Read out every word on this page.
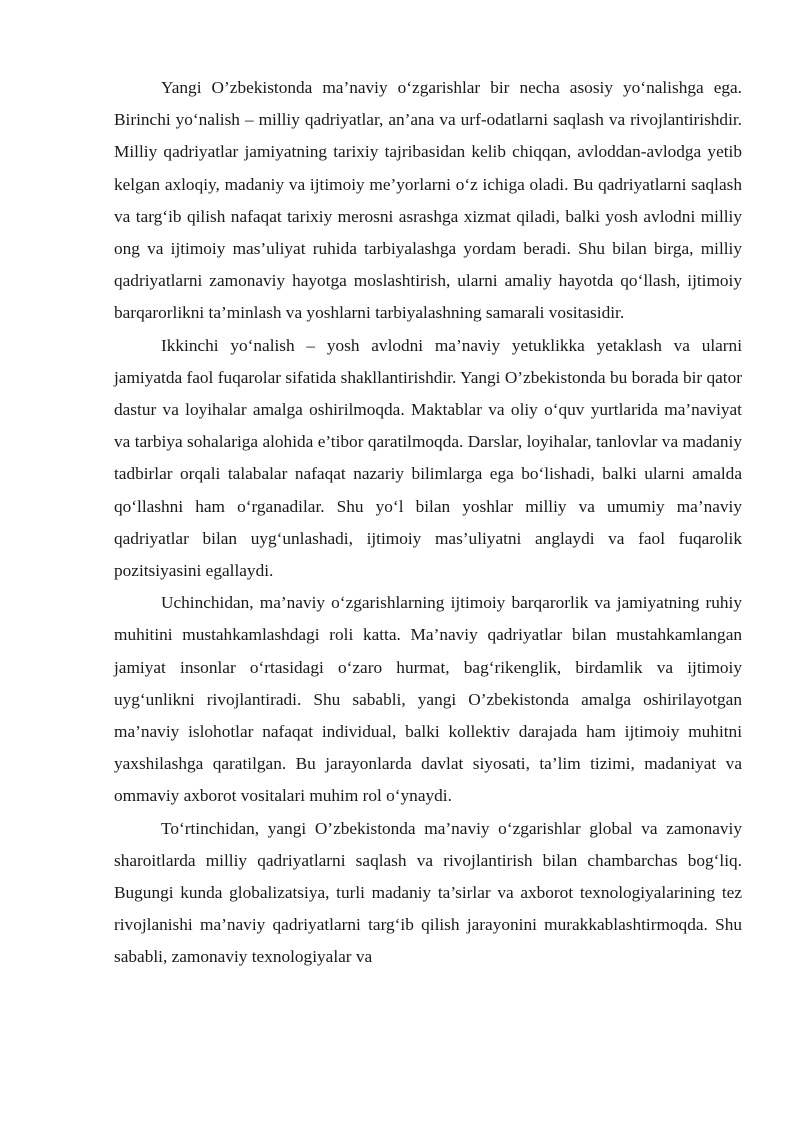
Yangi O’zbekistonda ma’naviy o‘zgarishlar bir necha asosiy yo‘nalishga ega. Birinchi yo‘nalish – milliy qadriyatlar, an’ana va urf-odatlarni saqlash va rivojlantirishdir. Milliy qadriyatlar jamiyatning tarixiy tajribasidan kelib chiqqan, avloddan-avlodga yetib kelgan axloqiy, madaniy va ijtimoiy me’yorlarni o‘z ichiga oladi. Bu qadriyatlarni saqlash va targ‘ib qilish nafaqat tarixiy merosni asrashga xizmat qiladi, balki yosh avlodni milliy ong va ijtimoiy mas’uliyat ruhida tarbiyalashga yordam beradi. Shu bilan birga, milliy qadriyatlarni zamonaviy hayotga moslashtirish, ularni amaliy hayotda qo‘llash, ijtimoiy barqarorlikni ta’minlash va yoshlarni tarbiyalashning samarali vositasidir.

Ikkinchi yo‘nalish – yosh avlodni ma’naviy yetuklikka yetaklash va ularni jamiyatda faol fuqarolar sifatida shakllantirishdir. Yangi O’zbekistonda bu borada bir qator dastur va loyihalar amalga oshirilmoqda. Maktablar va oliy o‘quv yurtlarida ma’naviyat va tarbiya sohalariga alohida e’tibor qaratilmoqda. Darslar, loyihalar, tanlovlar va madaniy tadbirlar orqali talabalar nafaqat nazariy bilimlarga ega bo‘lishadi, balki ularni amalda qo‘llashni ham o‘rganadilar. Shu yo‘l bilan yoshlar milliy va umumiy ma’naviy qadriyatlar bilan uyg‘unlashadi, ijtimoiy mas’uliyatni anglaydi va faol fuqarolik pozitsiyasini egallaydi.

Uchinchidan, ma’naviy o‘zgarishlarning ijtimoiy barqarorlik va jamiyatning ruhiy muhitini mustahkamlashdagi roli katta. Ma’naviy qadriyatlar bilan mustahkamlangan jamiyat insonlar o‘rtasidagi o‘zaro hurmat, bag‘rikenglik, birdamlik va ijtimoiy uyg‘unlikni rivojlantiradi. Shu sababli, yangi O’zbekistonda amalga oshirilayotgan ma’naviy islohotlar nafaqat individual, balki kollektiv darajada ham ijtimoiy muhitni yaxshilashga qaratilgan. Bu jarayonlarda davlat siyosati, ta’lim tizimi, madaniyat va ommaviy axborot vositalari muhim rol o‘ynaydi.

To‘rtinchidan, yangi O’zbekistonda ma’naviy o‘zgarishlar global va zamonaviy sharoitlarda milliy qadriyatlarni saqlash va rivojlantirish bilan chambarchas bog‘liq. Bugungi kunda globalizatsiya, turli madaniy ta’sirlar va axborot texnologiyalarining tez rivojlanishi ma’naviy qadriyatlarni targ‘ib qilish jarayonini murakkablashtirmoqda. Shu sababli, zamonaviy texnologiyalar va
